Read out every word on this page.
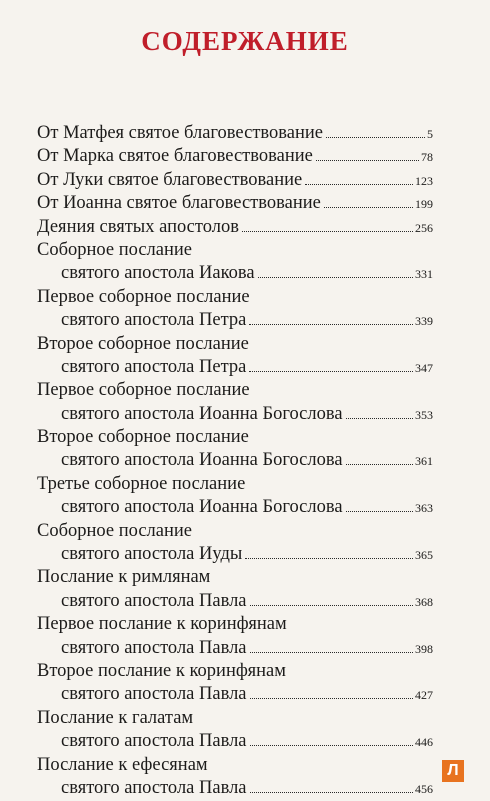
СОДЕРЖАНИЕ
От Матфея святое благовествование	5
От Марка святое благовествование	78
От Луки святое благовествование	123
От Иоанна святое благовествование	199
Деяния святых апостолов	256
Соборное послание
святого апостола Иакова	331
Первое соборное послание
святого апостола Петра	339
Второе соборное послание
святого апостола Петра	347
Первое соборное послание
святого апостола Иоанна Богослова	353
Второе соборное послание
святого апостола Иоанна Богослова	361
Третье соборное послание
святого апостола Иоанна Богослова	363
Соборное послание
святого апостола Иуды	365
Послание к римлянам
святого апостола Павла	368
Первое послание к коринфянам
святого апостола Павла	398
Второе послание к коринфянам
святого апостола Павла	427
Послание к галатам
святого апостола Павла	446
Послание к ефесянам
святого апостола Павла	456
Л
